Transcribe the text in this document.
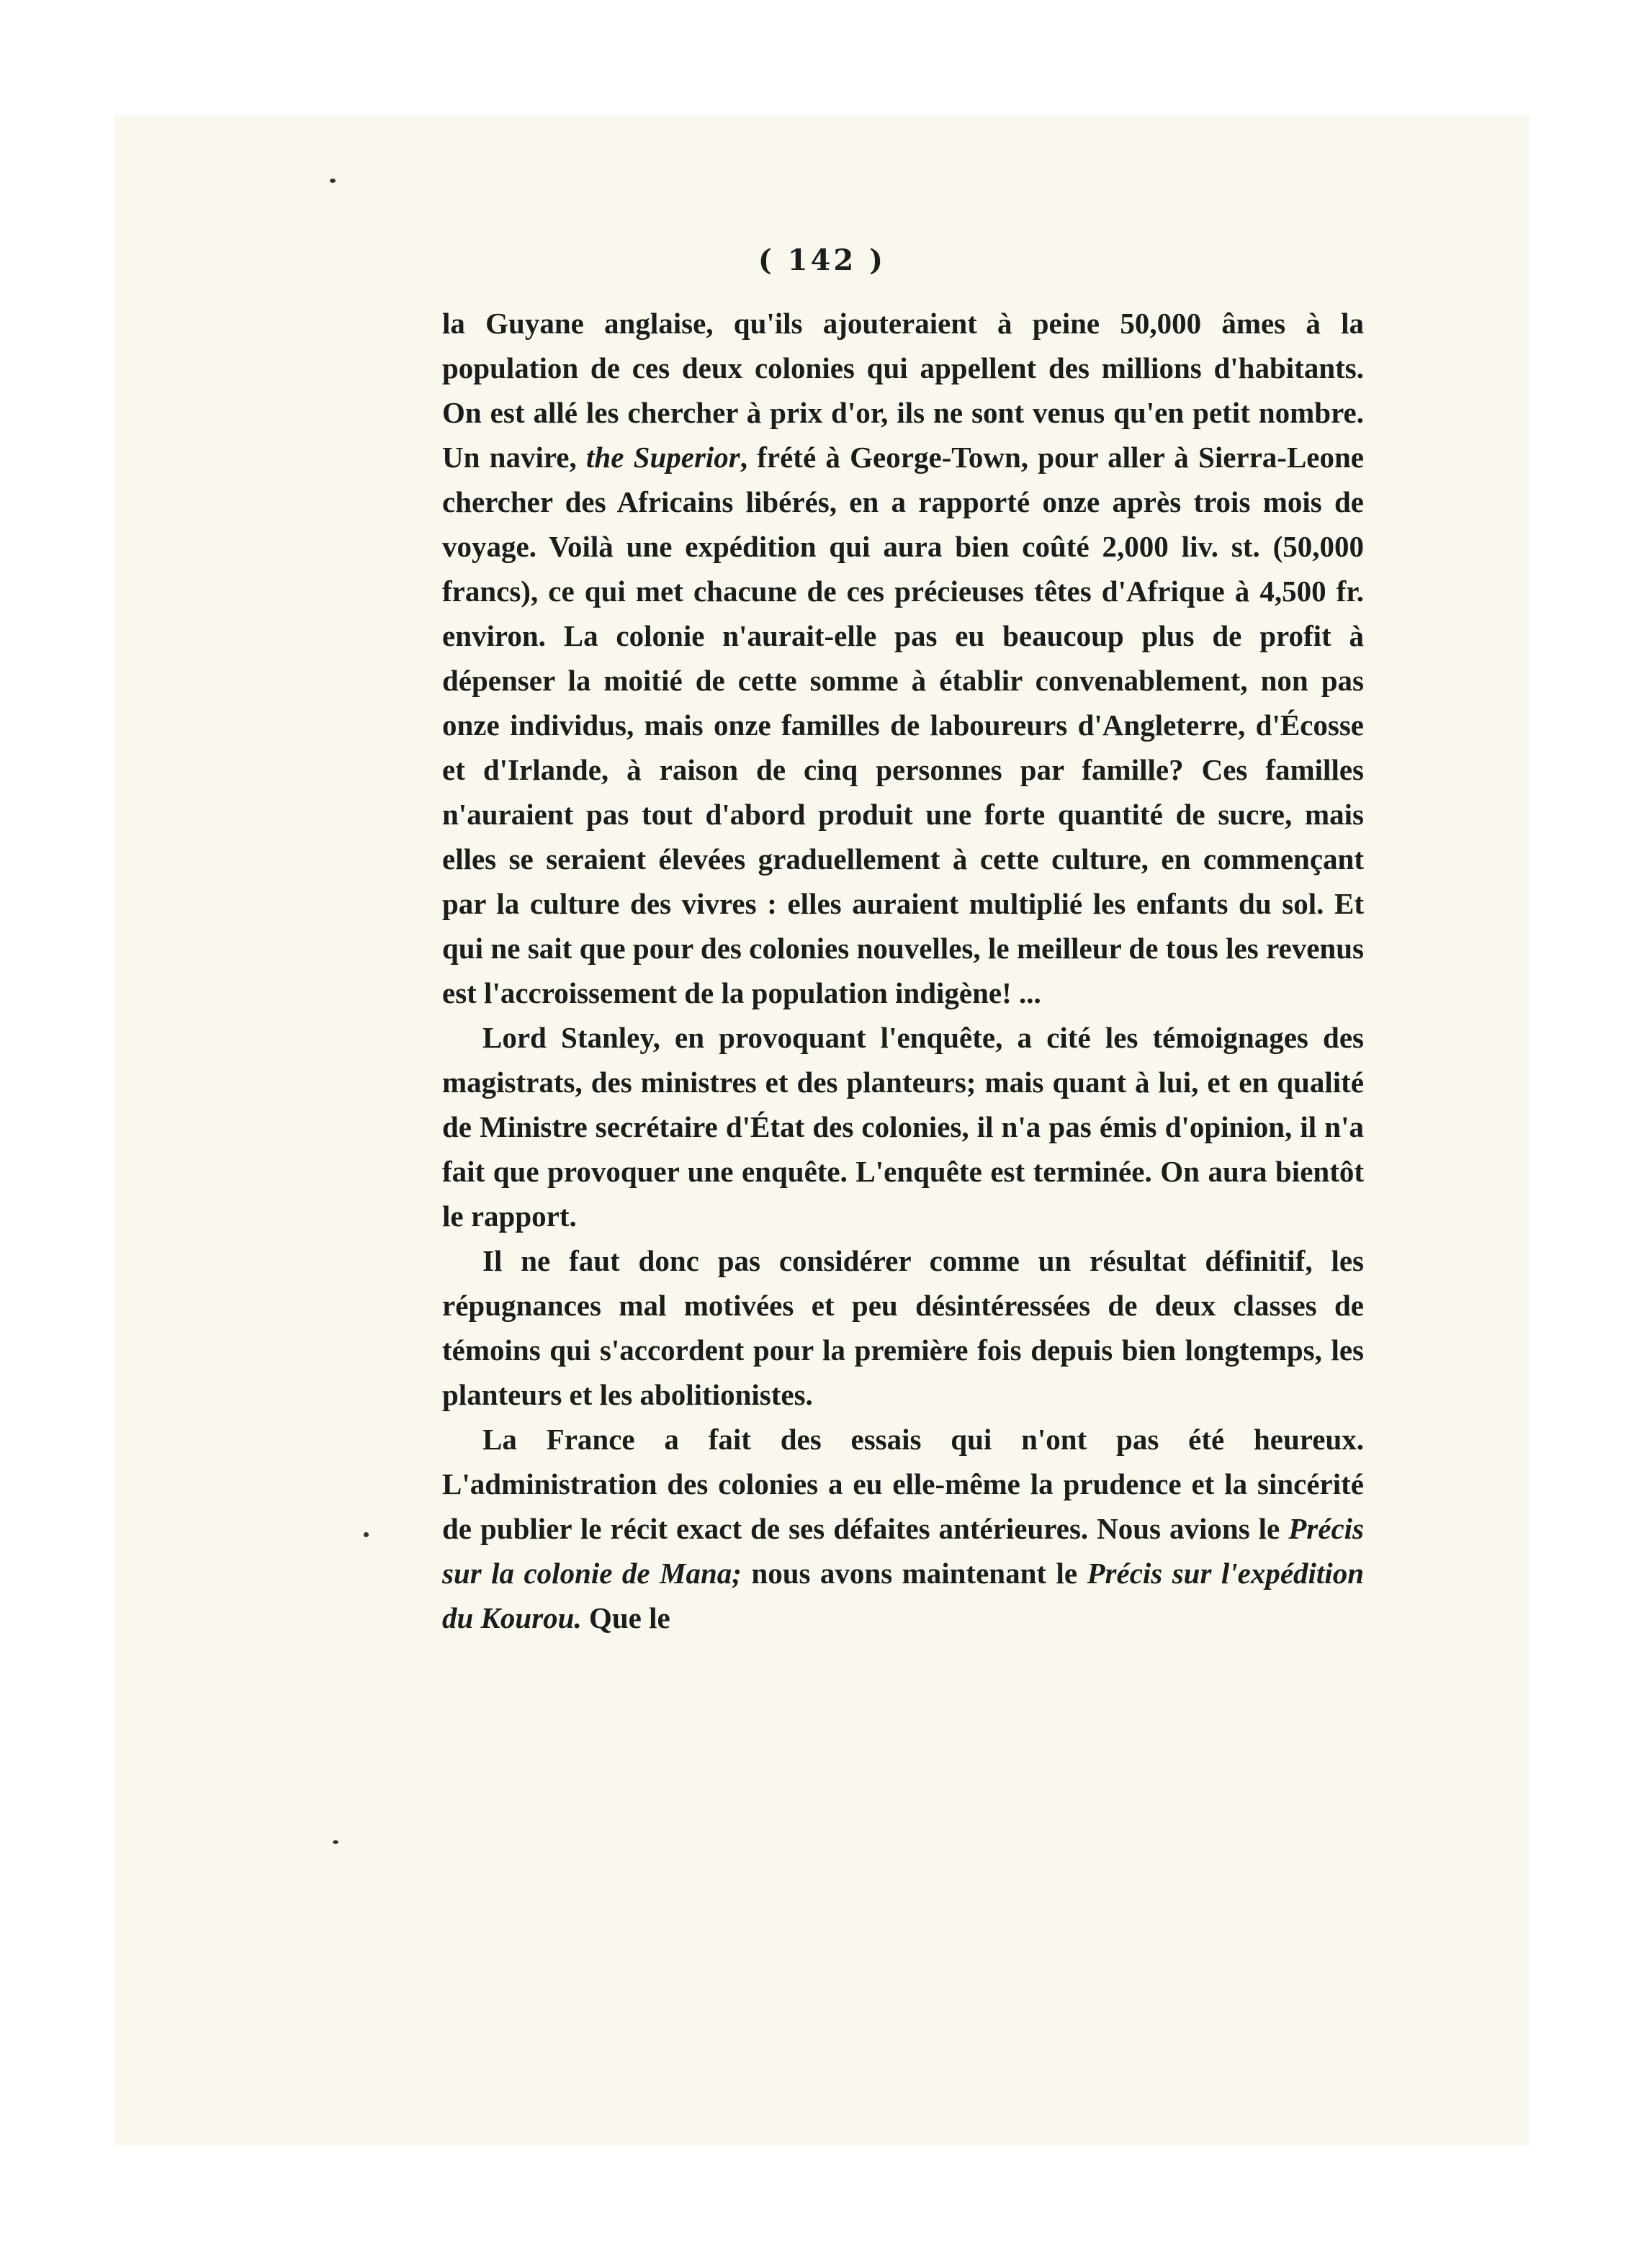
( 142 )

la Guyane anglaise, qu'ils ajouteraient à peine 50,000 âmes à la population de ces deux colonies qui appellent des millions d'habitants. On est allé les chercher à prix d'or, ils ne sont venus qu'en petit nombre. Un navire, the Superior, frété à George-Town, pour aller à Sierra-Leone chercher des Africains libérés, en a rapporté onze après trois mois de voyage. Voilà une expédition qui aura bien coûté 2,000 liv. st. (50,000 francs), ce qui met chacune de ces précieuses têtes d'Afrique à 4,500 fr. environ. La colonie n'aurait-elle pas eu beaucoup plus de profit à dépenser la moitié de cette somme à établir convenablement, non pas onze individus, mais onze familles de laboureurs d'Angleterre, d'Écosse et d'Irlande, à raison de cinq personnes par famille? Ces familles n'auraient pas tout d'abord produit une forte quantité de sucre, mais elles se seraient élevées graduellement à cette culture, en commençant par la culture des vivres : elles auraient multiplié les enfants du sol. Et qui ne sait que pour des colonies nouvelles, le meilleur de tous les revenus est l'accroissement de la population indigène! ...

Lord Stanley, en provoquant l'enquête, a cité les témoignages des magistrats, des ministres et des planteurs; mais quant à lui, et en qualité de Ministre secrétaire d'État des colonies, il n'a pas émis d'opinion, il n'a fait que provoquer une enquête. L'enquête est terminée. On aura bientôt le rapport.

Il ne faut donc pas considérer comme un résultat définitif, les répugnances mal motivées et peu désintéressées de deux classes de témoins qui s'accordent pour la première fois depuis bien longtemps, les planteurs et les abolitionistes.

La France a fait des essais qui n'ont pas été heureux. L'administration des colonies a eu elle-même la prudence et la sincérité de publier le récit exact de ses défaites antérieures. Nous avions le Précis sur la colonie de Mana; nous avons maintenant le Précis sur l'expédition du Kourou. Que le
